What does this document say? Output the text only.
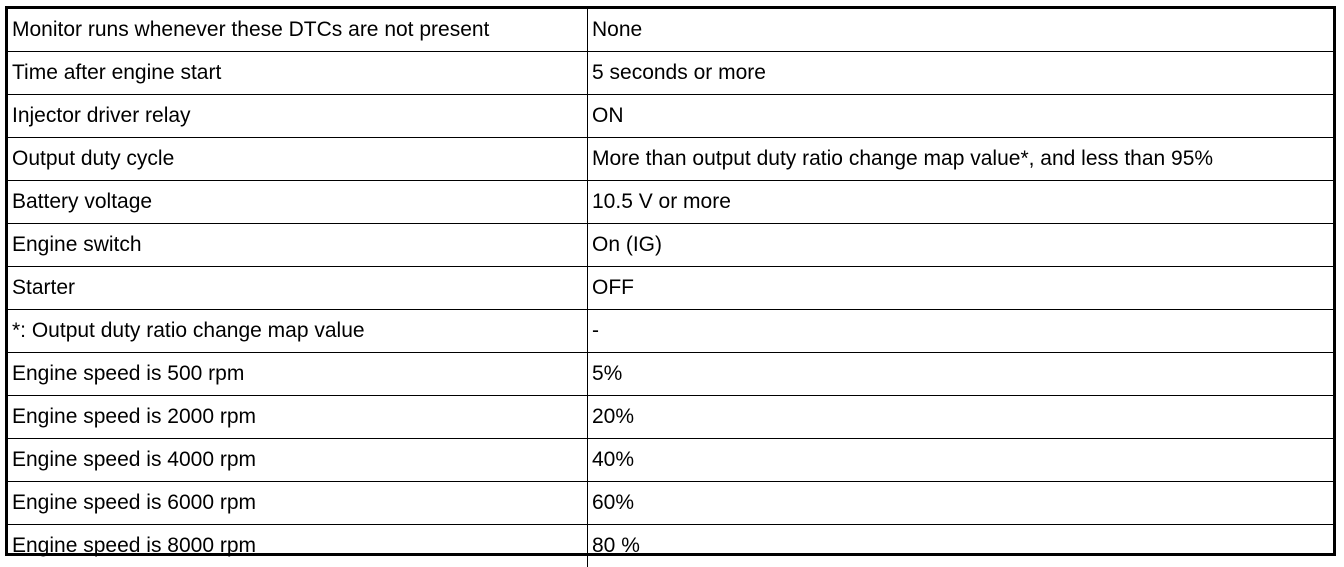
Monitor runs whenever these DTCs are not present	None
Time after engine start	5 seconds or more
Injector driver relay	ON
Output duty cycle	More than output duty ratio change map value*, and less than 95%
Battery voltage	10.5 V or more
Engine switch	On (IG)
Starter	OFF
*: Output duty ratio change map value	-
Engine speed is 500 rpm	5%
Engine speed is 2000 rpm	20%
Engine speed is 4000 rpm	40%
Engine speed is 6000 rpm	60%
Engine speed is 8000 rpm	80 %
